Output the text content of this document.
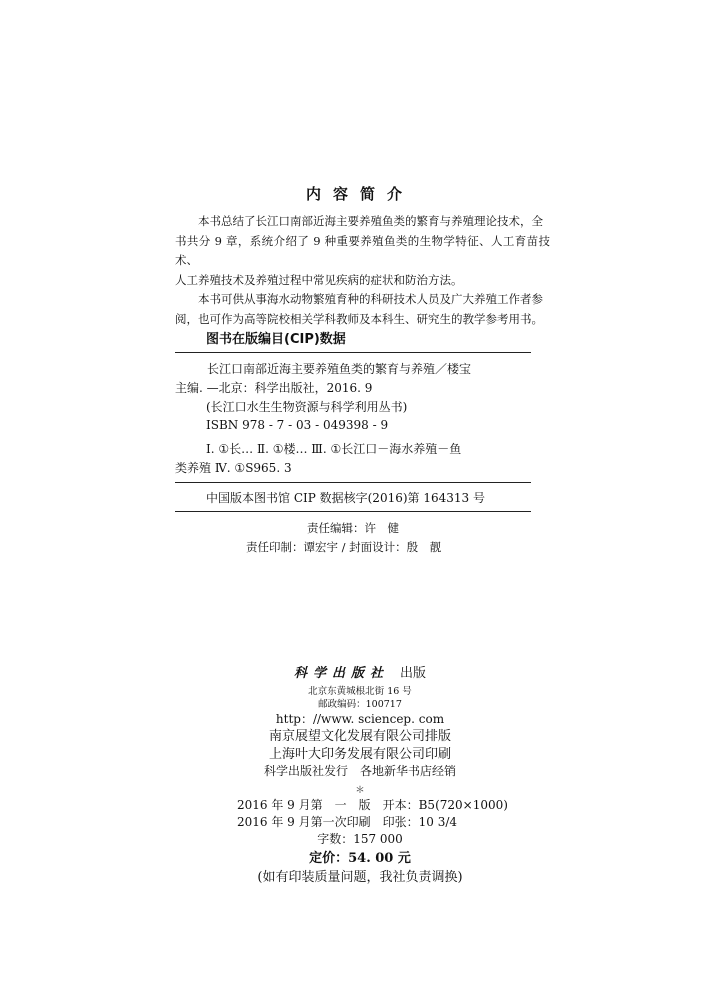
内容简介
本书总结了长江口南部近海主要养殖鱼类的繁育与养殖理论技术，全
书共分 9 章，系统介绍了 9 种重要养殖鱼类的生物学特征、人工育苗技术、
人工养殖技术及养殖过程中常见疾病的症状和防治方法。
本书可供从事海水动物繁殖育种的科研技术人员及广大养殖工作者参
阅，也可作为高等院校相关学科教师及本科生、研究生的教学参考用书。
图书在版编目(CIP)数据
长江口南部近海主要养殖鱼类的繁育与养殖／楼宝
主编. —北京：科学出版社，2016. 9
(长江口水生生物资源与科学利用丛书)
ISBN 978 - 7 - 03 - 049398 - 9
Ⅰ. ①长… Ⅱ. ①楼… Ⅲ. ①长江口－海水养殖－鱼
类养殖 Ⅳ. ①S965. 3
中国版本图书馆 CIP 数据核字(2016)第 164313 号
责任编辑：许　健
责任印制：谭宏宇 / 封面设计：殷　靓
科学出版社 出版
北京东黄城根北街 16 号
邮政编码：100717
http：//www. sciencep. com
南京展望文化发展有限公司排版
上海叶大印务发展有限公司印刷
科学出版社发行　各地新华书店经销
＊
2016 年 9 月第　一　版　开本：B5(720×1000)
2016 年 9 月第一次印刷　印张：10 3/4
字数：157 000
定价：54. 00 元
(如有印装质量问题，我社负责调换)
